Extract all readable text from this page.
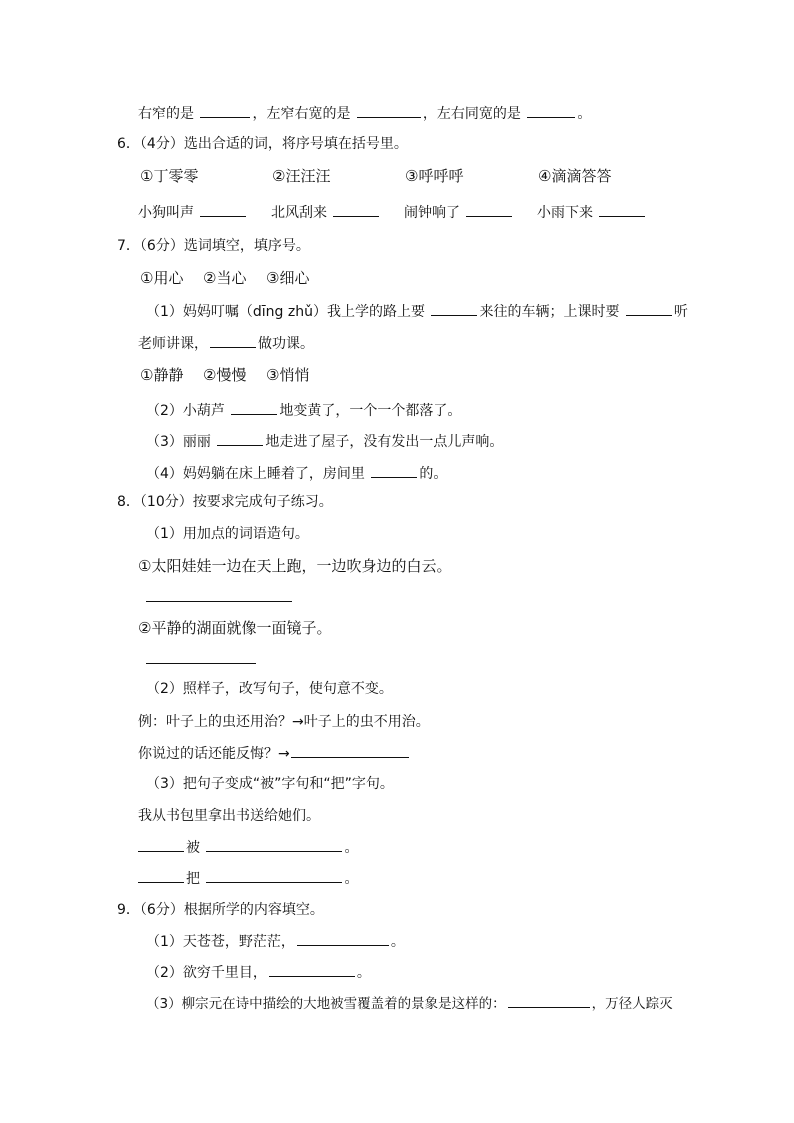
右窄的是	，左窄右宽的是	，左右同宽的是	。
6．（4分）选出合适的词，将序号填在括号里。
①丁零零	②汪汪汪	③呼呼呼	④滴滴答答
小狗叫声	北风刮来	闹钟响了	小雨下来
7．（6分）选词填空，填序号。
①用心 ②当心 ③细心
（1）妈妈叮嘱（dīng zhǔ）我上学的路上要	来往的车辆；上课时要	听
老师讲课，	做功课。
①静静 ②慢慢 ③悄悄
（2）小葫芦	地变黄了，一个一个都落了。
（3）丽丽	地走进了屋子，没有发出一点儿声响。
（4）妈妈躺在床上睡着了，房间里	的。
8．（10分）按要求完成句子练习。
（1）用加点的词语造句。
①太阳娃娃一边在天上跑，一边吹身边的白云。
②平静的湖面就像一面镜子。
（2）照样子，改写句子，使句意不变。
例：叶子上的虫还用治？→叶子上的虫不用治。
你说过的话还能反悔？→
（3）把句子变成“被”字句和“把”字句。
我从书包里拿出书送给她们。
被	。
把	。
9．（6分）根据所学的内容填空。
（1）天苍苍，野茫茫，	。
（2）欲穷千里目，	。
（3）柳宗元在诗中描绘的大地被雪覆盖着的景象是这样的：	，万径人踪灭
